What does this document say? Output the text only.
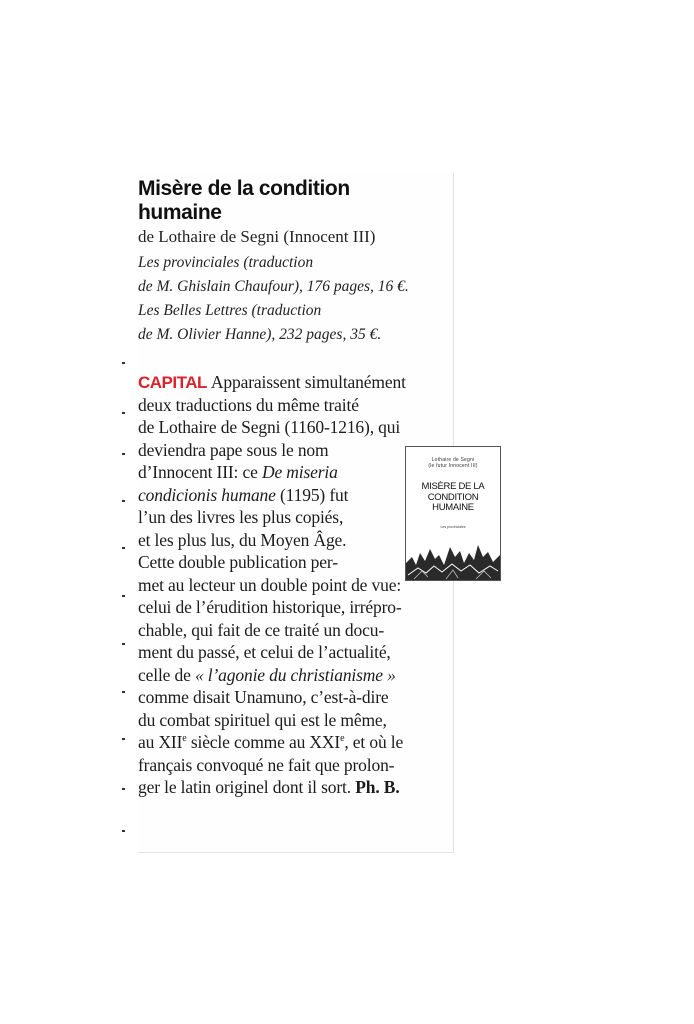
Misère de la condition
humaine
de Lothaire de Segni (Innocent III)
Les provinciales (traduction
de M. Ghislain Chaufour), 176 pages, 16 €.
Les Belles Lettres (traduction
de M. Olivier Hanne), 232 pages, 35 €.
CAPITAL Apparaissent simultanément
deux traductions du même traité
de Lothaire de Segni (1160-1216), qui
deviendra pape sous le nom
d’Innocent III: ce De miseria
condicionis humane (1195) fut
l’un des livres les plus copiés,
et les plus lus, du Moyen Âge.
Cette double publication per-
met au lecteur un double point de vue:
celui de l’érudition historique, irrépro-
chable, qui fait de ce traité un docu-
ment du passé, et celui de l’actualité,
celle de « l’agonie du christianisme »
comme disait Unamuno, c’est-à-dire
du combat spirituel qui est le même,
au XIIe siècle comme au XXIe, et où le
français convoqué ne fait que prolon-
ger le latin originel dont il sort. Ph. B.
Lothaire de Segni
(le futur Innocent III)
MISÈRE DE LA
CONDITION
HUMAINE
Les provinciales
